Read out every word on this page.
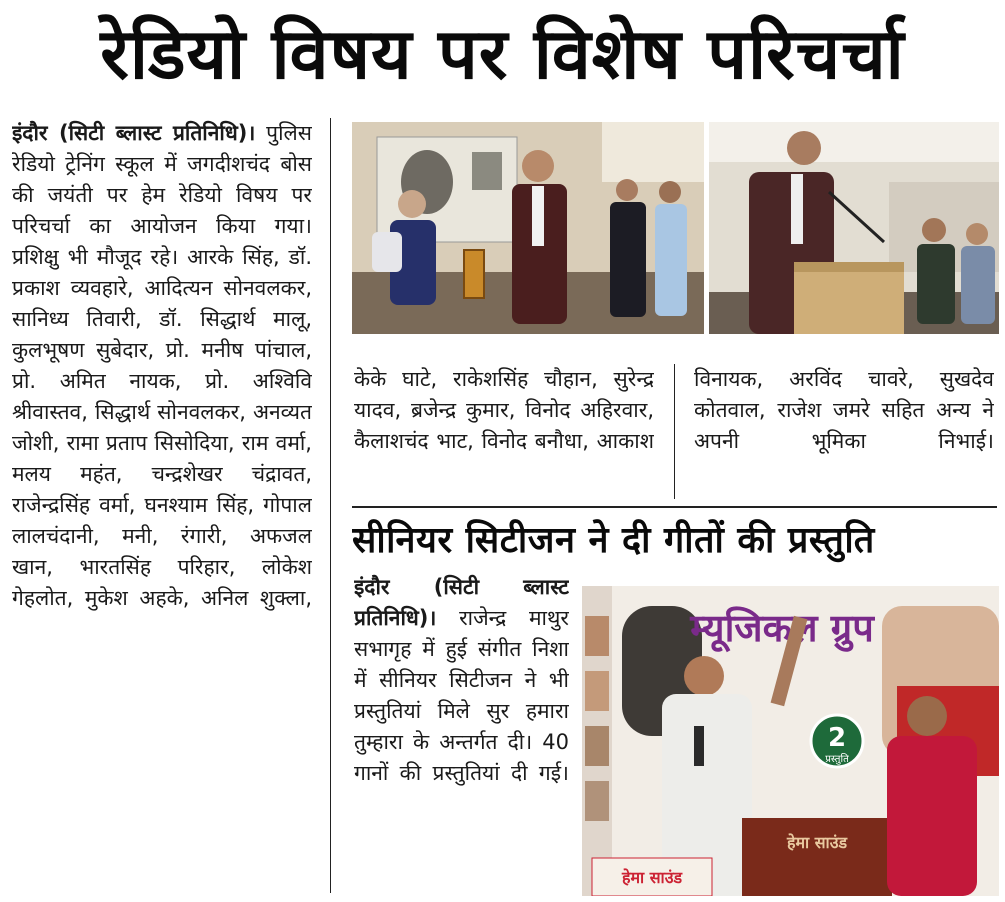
रेडियो विषय पर विशेष परिचर्चा
इंदौर (सिटी ब्लास्ट प्रतिनिधि)। पुलिस रेडियो ट्रेनिंग स्कूल में जगदीशचंद बोस की जयंती पर हेम रेडियो विषय पर परिचर्चा का आयोजन किया गया। प्रशिक्षु भी मौजूद रहे। आरके सिंह, डॉ. प्रकाश व्यवहारे, आदित्यन सोनवलकर, सानिध्य तिवारी, डॉ. सिद्धार्थ मालू, कुलभूषण सुबेदार, प्रो. मनीष पांचाल, प्रो. अमित नायक, प्रो. अश्विवि श्रीवास्तव, सिद्धार्थ सोनवलकर, अनव्यत जोशी, रामा प्रताप सिसोदिया, राम वर्मा, मलय महंत, चन्द्रशेखर चंद्रावत, राजेन्द्रसिंह वर्मा, घनश्याम सिंह, गोपाल लालचंदानी, मनी, रंगारी, अफजल खान, भारतसिंह परिहार, लोकेश गेहलोत, मुकेश अहके, अनिल शुक्ला,
केके घाटे, राकेशसिंह चौहान, सुरेन्द्र यादव, ब्रजेन्द्र कुमार, विनोद अहिरवार, कैलाशचंद भाट, विनोद बनौधा, आकाश
विनायक, अरविंद चावरे, सुखदेव कोतवाल, राजेश जमरे सहित अन्य ने अपनी भूमिका निभाई।
सीनियर सिटीजन ने दी गीतों की प्रस्तुति
इंदौर (सिटी ब्लास्ट प्रतिनिधि)। राजेन्द्र माथुर सभागृह में हुई संगीत निशा में सीनियर सिटीजन ने भी प्रस्तुतियां मिले सुर हमारा तुम्हारा के अन्तर्गत दी। 40 गानों की प्रस्तुतियां दी गई।
2
प्रस्तुति
म्यूजिकल ग्रुप
हेमा साउंड
हेमा साउंड
